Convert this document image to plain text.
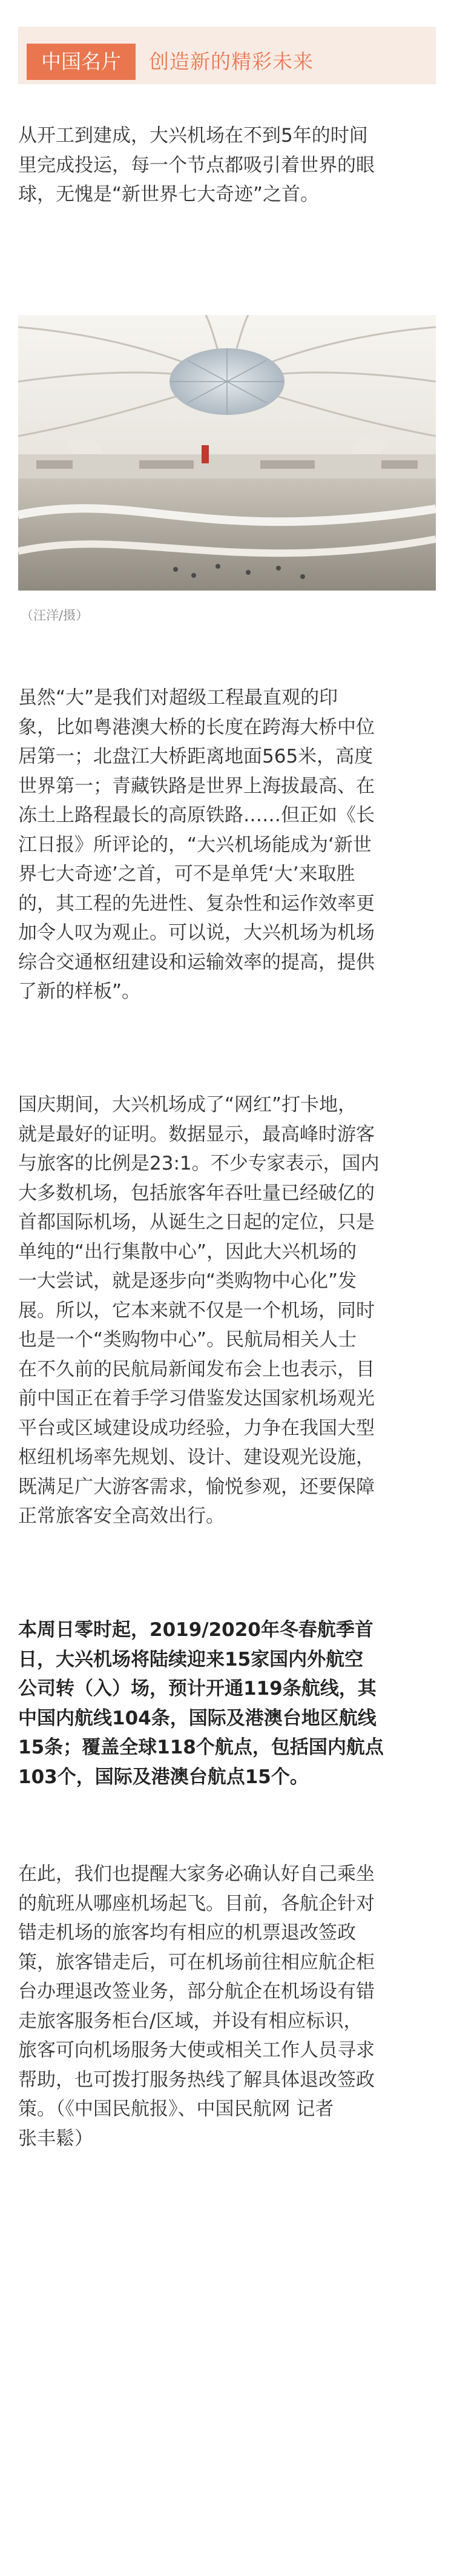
中国名片	创造新的精彩未来
从开工到建成，大兴机场在不到5年的时间
里完成投运，每一个节点都吸引着世界的眼
球，无愧是“新世界七大奇迹”之首。
（汪洋/摄）
虽然“大”是我们对超级工程最直观的印
象，比如粤港澳大桥的长度在跨海大桥中位
居第一；北盘江大桥距离地面565米，高度
世界第一；青藏铁路是世界上海拔最高、在
冻土上路程最长的高原铁路……但正如《长
江日报》所评论的，“大兴机场能成为‘新世
界七大奇迹’之首，可不是单凭‘大’来取胜
的，其工程的先进性、复杂性和运作效率更
加令人叹为观止。可以说，大兴机场为机场
综合交通枢纽建设和运输效率的提高，提供
了新的样板”。
国庆期间，大兴机场成了“网红”打卡地，
就是最好的证明。数据显示，最高峰时游客
与旅客的比例是23:1。不少专家表示，国内
大多数机场，包括旅客年吞吐量已经破亿的
首都国际机场，从诞生之日起的定位，只是
单纯的“出行集散中心”，因此大兴机场的
一大尝试，就是逐步向“类购物中心化”发
展。所以，它本来就不仅是一个机场，同时
也是一个“类购物中心”。民航局相关人士
在不久前的民航局新闻发布会上也表示，目
前中国正在着手学习借鉴发达国家机场观光
平台或区域建设成功经验，力争在我国大型
枢纽机场率先规划、设计、建设观光设施，
既满足广大游客需求，愉悦参观，还要保障
正常旅客安全高效出行。
本周日零时起，2019/2020年冬春航季首
日，大兴机场将陆续迎来15家国内外航空
公司转（入）场，预计开通119条航线，其
中国内航线104条，国际及港澳台地区航线
15条；覆盖全球118个航点，包括国内航点
103个，国际及港澳台航点15个。
在此，我们也提醒大家务必确认好自己乘坐
的航班从哪座机场起飞。目前，各航企针对
错走机场的旅客均有相应的机票退改签政
策，旅客错走后，可在机场前往相应航企柜
台办理退改签业务，部分航企在机场设有错
走旅客服务柜台/区域，并设有相应标识，
旅客可向机场服务大使或相关工作人员寻求
帮助，也可拨打服务热线了解具体退改签政
策。（《中国民航报》、中国民航网 记者
张丰鬆）
